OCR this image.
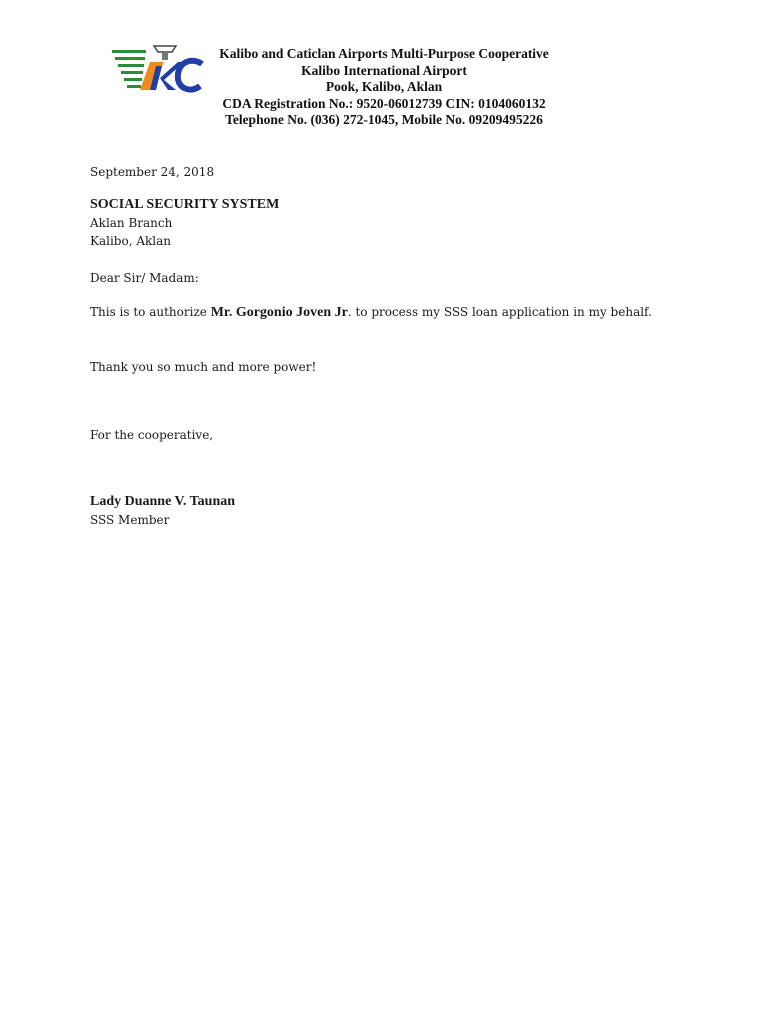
Kalibo and Caticlan Airports Multi-Purpose Cooperative
Kalibo International Airport
Pook, Kalibo, Aklan
CDA Registration No.: 9520-06012739 CIN: 0104060132
Telephone No. (036) 272-1045, Mobile No. 09209495226
September 24, 2018
SOCIAL SECURITY SYSTEM
Aklan Branch
Kalibo, Aklan
Dear Sir/ Madam:
This is to authorize Mr. Gorgonio Joven Jr. to process my SSS loan application in my behalf.
Thank you so much and more power!
For the cooperative,
Lady Duanne V. Taunan
SSS Member
